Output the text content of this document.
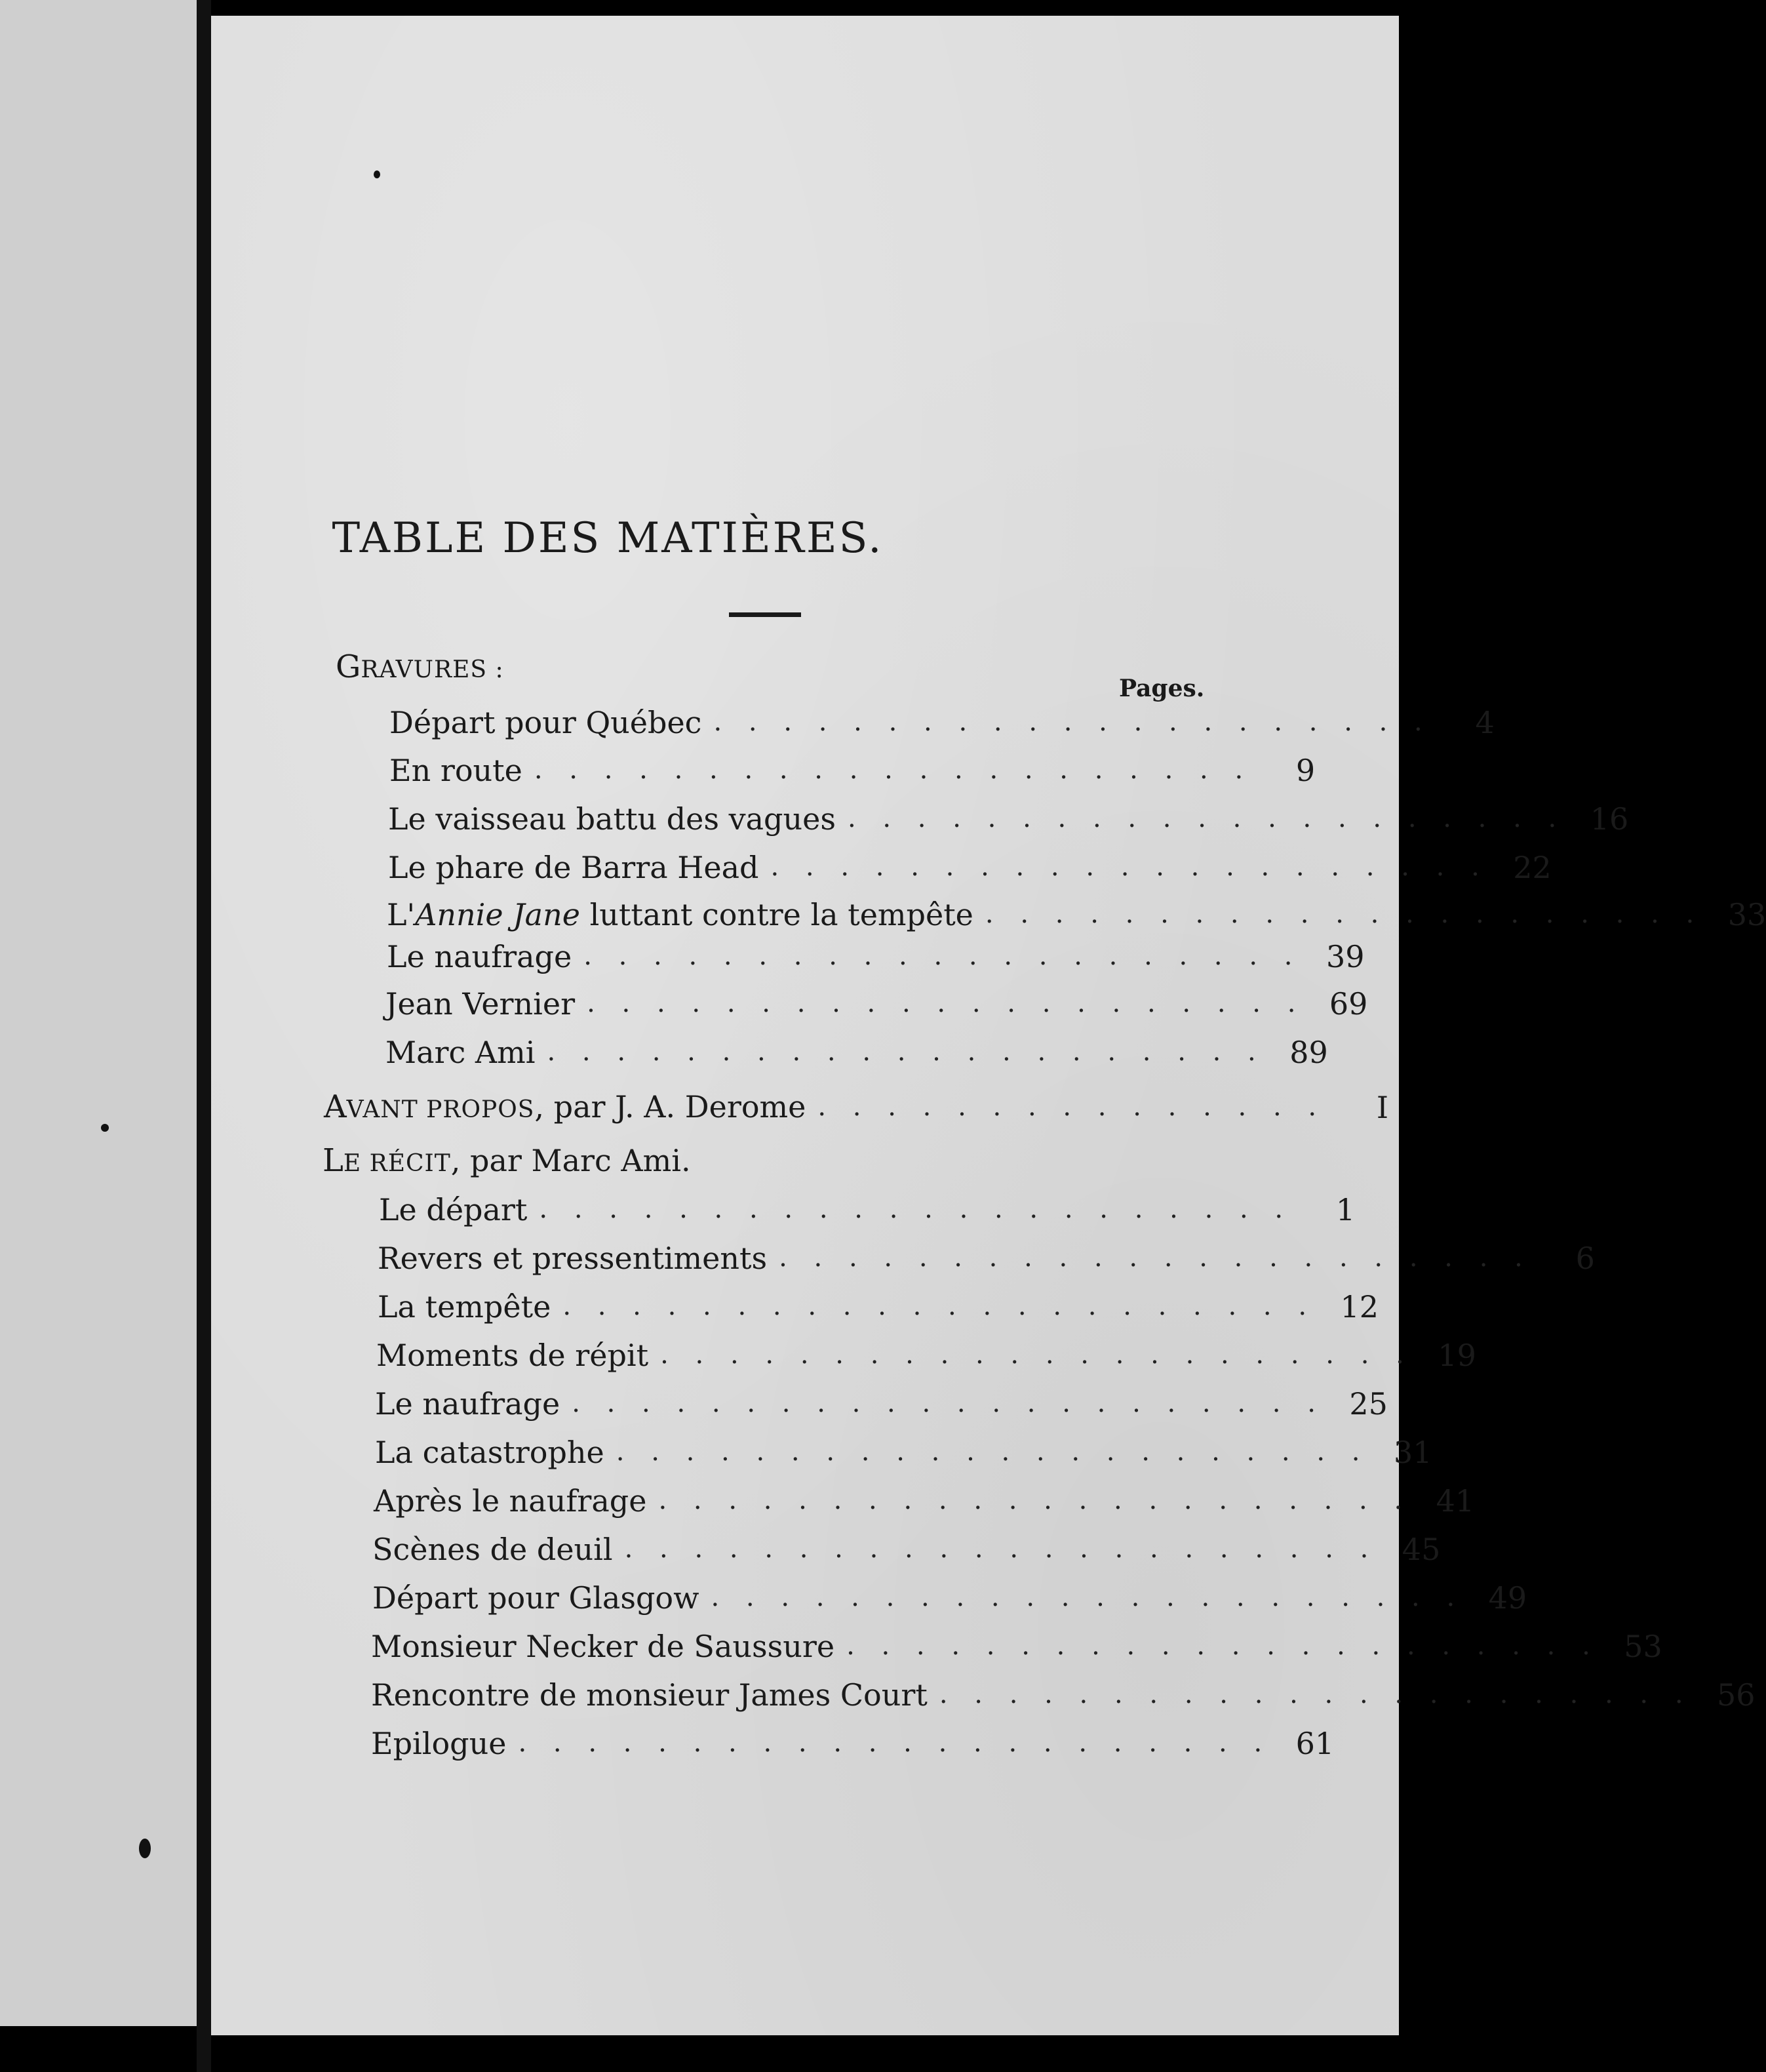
TABLE DES MATIÈRES.
GRAVURES :
Pages.
Départ pour Québec . . . . . . . . . . . . . . . . . . . . .	4
En route . . . . . . . . . . . . . . . . . . . . .	9
Le vaisseau battu des vagues . . . . . . . . . . . . . . . . . . . . . 16
Le phare de Barra Head . . . . . . . . . . . . . . . . . . . . . 22
L'Annie Jane luttant contre la tempête . . . . . . . . . . . . . . . . . . . . . 33
Le naufrage . . . . . . . . . . . . . . . . . . . . . 39
Jean Vernier . . . . . . . . . . . . . . . . . . . . . 69
Marc Ami . . . . . . . . . . . . . . . . . . . . . 89
AVANT PROPOS, par J. A. Derome . . . . . . . . . . . . . . .	I
LE RÉCIT, par Marc Ami.
Le départ . . . . . . . . . . . . . . . . . . . . . .	1
Revers et pressentiments . . . . . . . . . . . . . . . . . . . . . .	6
La tempête . . . . . . . . . . . . . . . . . . . . . . 12
Moments de répit . . . . . . . . . . . . . . . . . . . . . . 19
Le naufrage . . . . . . . . . . . . . . . . . . . . . . 25
La catastrophe . . . . . . . . . . . . . . . . . . . . . . 31
Après le naufrage . . . . . . . . . . . . . . . . . . . . . . 41
Scènes de deuil . . . . . . . . . . . . . . . . . . . . . . 45
Départ pour Glasgow . . . . . . . . . . . . . . . . . . . . . . 49
Monsieur Necker de Saussure . . . . . . . . . . . . . . . . . . . . . . 53
Rencontre de monsieur James Court . . . . . . . . . . . . . . . . . . . . . . 56
Epilogue . . . . . . . . . . . . . . . . . . . . . . 61
